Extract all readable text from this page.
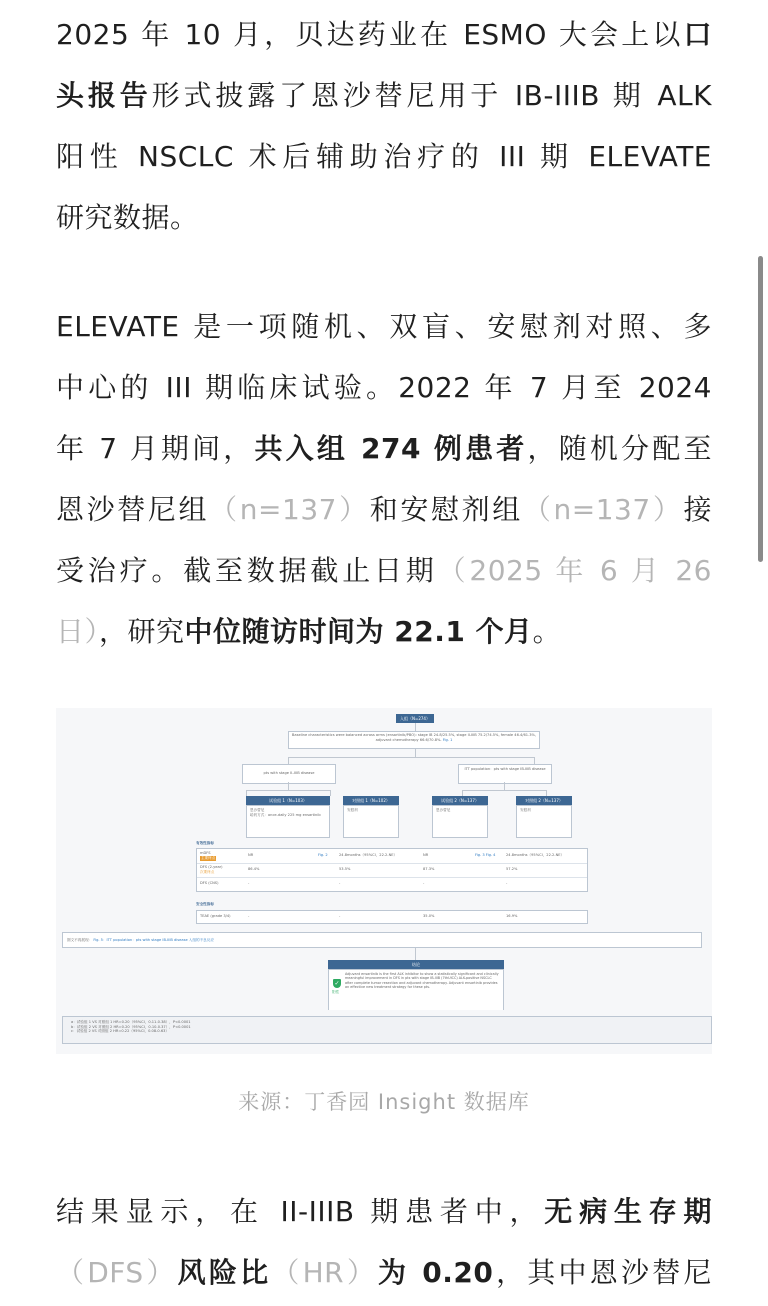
2025 年 10 月，贝达药业在 ESMO 大会上以口
头报告形式披露了恩沙替尼用于 IB-IIIB 期 ALK
阳性 NSCLC 术后辅助治疗的 III 期 ELEVATE
研究数据。
ELEVATE 是一项随机、双盲、安慰剂对照、多
中心的 III 期临床试验。2022 年 7 月至 2024
年 7 月期间，共入组 274 例患者，随机分配至
恩沙替尼组（n=137）和安慰剂组（n=137）接
受治疗。截至数据截止日期（2025 年 6 月 26
日），研究中位随访时间为 22.1 个月。
入组（N=274）
Baseline characteristics were balanced across arms (ensartinib/PBO): stage IB 24.8/25.5%, stage II-IIIB 75.2/74.5%, female 46.4/61.3%, adjuvant chemotherapy 66.6/70.8%. Fig. 1
pts with stage II–IIIB disease
ITT population：pts with stage IB-IIIB disease
试验组 1（N=103）
恩沙替尼
给药方式：once-daily 225 mg ensartinib
对照组 1（N=102）
安慰剂
试验组 2（N=137）
恩沙替尼
对照组 2（N=137）
安慰剂
有效性指标
mDFS
主要终点
NR	Fig. 2	24.8months（95%CI，22.2-NE）	NR	Fig. 3 Fig. 4	24.8months（95%CI，22.2-NE）
DFS (2-year)
次要终点
86.4%	53.5%	87.3%	57.2%
DFS (CNS)	-	-	-	-
安全性指标
TEAE (grade 3/4)	-	-	35.0%	16.9%
图文不再展现： Fig. 5：ITT population：pts with stage IB-IIIB disease 入组的不良反应
结论
✓
阳性
Adjuvant ensartinib is the first ALK inhibitor to show a statistically significant and clinically meaningful improvement in DFS in pts with stage IB-IIIB (7thUICC) ALK-positive NSCLC after complete tumor resection and adjuvant chemotherapy. Adjuvant ensartinib provides an effective new treatment strategy for these pts.
a：试验组 1 VS 对照组 1 HR=0.20（95%CI，0.11-0.38），P<0.0001
b：试验组 2 VS 对照组 2 HR=0.20（95%CI，0.10-0.37），P<0.0001
c：试验组 2 VS 对照组 2 HR=0.22（95%CI，0.08-0.63）
来源：丁香园 Insight 数据库
结果显示，在 II-IIIB 期患者中，无病生存期
（DFS）风险比（HR）为 0.20，其中恩沙替尼
